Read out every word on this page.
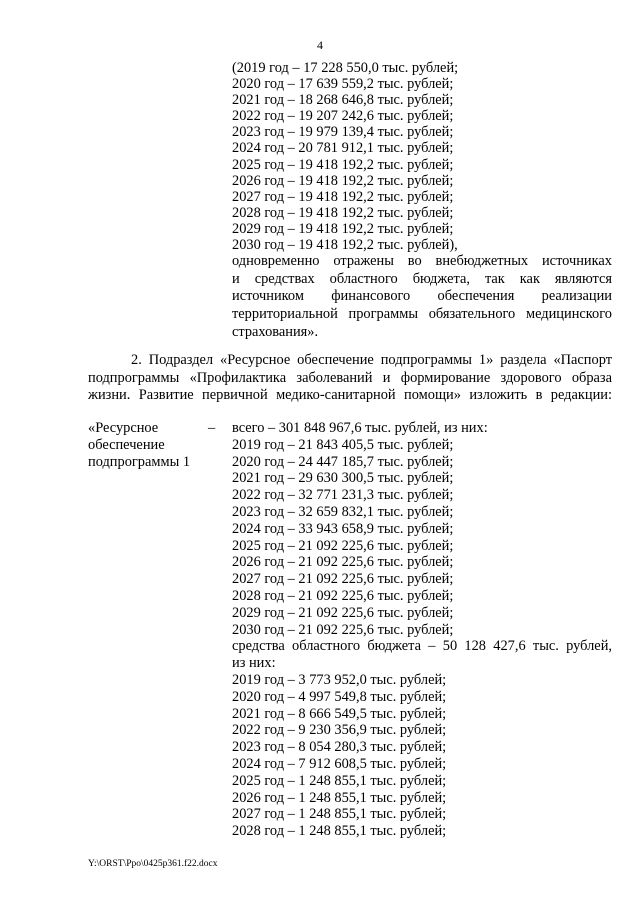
4
(2019 год – 17 228 550,0 тыс. рублей;
2020 год – 17 639 559,2 тыс. рублей;
2021 год – 18 268 646,8 тыс. рублей;
2022 год – 19 207 242,6 тыс. рублей;
2023 год – 19 979 139,4 тыс. рублей;
2024 год – 20 781 912,1 тыс. рублей;
2025 год – 19 418 192,2 тыс. рублей;
2026 год – 19 418 192,2 тыс. рублей;
2027 год – 19 418 192,2 тыс. рублей;
2028 год – 19 418 192,2 тыс. рублей;
2029 год – 19 418 192,2 тыс. рублей;
2030 год – 19 418 192,2 тыс. рублей),
одновременно отражены во внебюджетных источниках
и средствах областного бюджета, так как являются
источником финансового обеспечения реализации
территориальной программы обязательного медицинского
страхования».
2. Подраздел «Ресурсное обеспечение подпрограммы 1» раздела «Паспорт
подпрограммы «Профилактика заболеваний и формирование здорового образа
жизни. Развитие первичной медико-санитарной помощи» изложить в редакции:
«Ресурсное
обеспечение
подпрограммы 1
– всего – 301 848 967,6 тыс. рублей, из них:
2019 год – 21 843 405,5 тыс. рублей;
2020 год – 24 447 185,7 тыс. рублей;
2021 год – 29 630 300,5 тыс. рублей;
2022 год – 32 771 231,3 тыс. рублей;
2023 год – 32 659 832,1 тыс. рублей;
2024 год – 33 943 658,9 тыс. рублей;
2025 год – 21 092 225,6 тыс. рублей;
2026 год – 21 092 225,6 тыс. рублей;
2027 год – 21 092 225,6 тыс. рублей;
2028 год – 21 092 225,6 тыс. рублей;
2029 год – 21 092 225,6 тыс. рублей;
2030 год – 21 092 225,6 тыс. рублей;
средства областного бюджета – 50 128 427,6 тыс. рублей,
из них:
2019 год – 3 773 952,0 тыс. рублей;
2020 год – 4 997 549,8 тыс. рублей;
2021 год – 8 666 549,5 тыс. рублей;
2022 год – 9 230 356,9 тыс. рублей;
2023 год – 8 054 280,3 тыс. рублей;
2024 год – 7 912 608,5 тыс. рублей;
2025 год – 1 248 855,1 тыс. рублей;
2026 год – 1 248 855,1 тыс. рублей;
2027 год – 1 248 855,1 тыс. рублей;
2028 год – 1 248 855,1 тыс. рублей;
Y:\ORST\Ppo\0425p361.f22.docx
